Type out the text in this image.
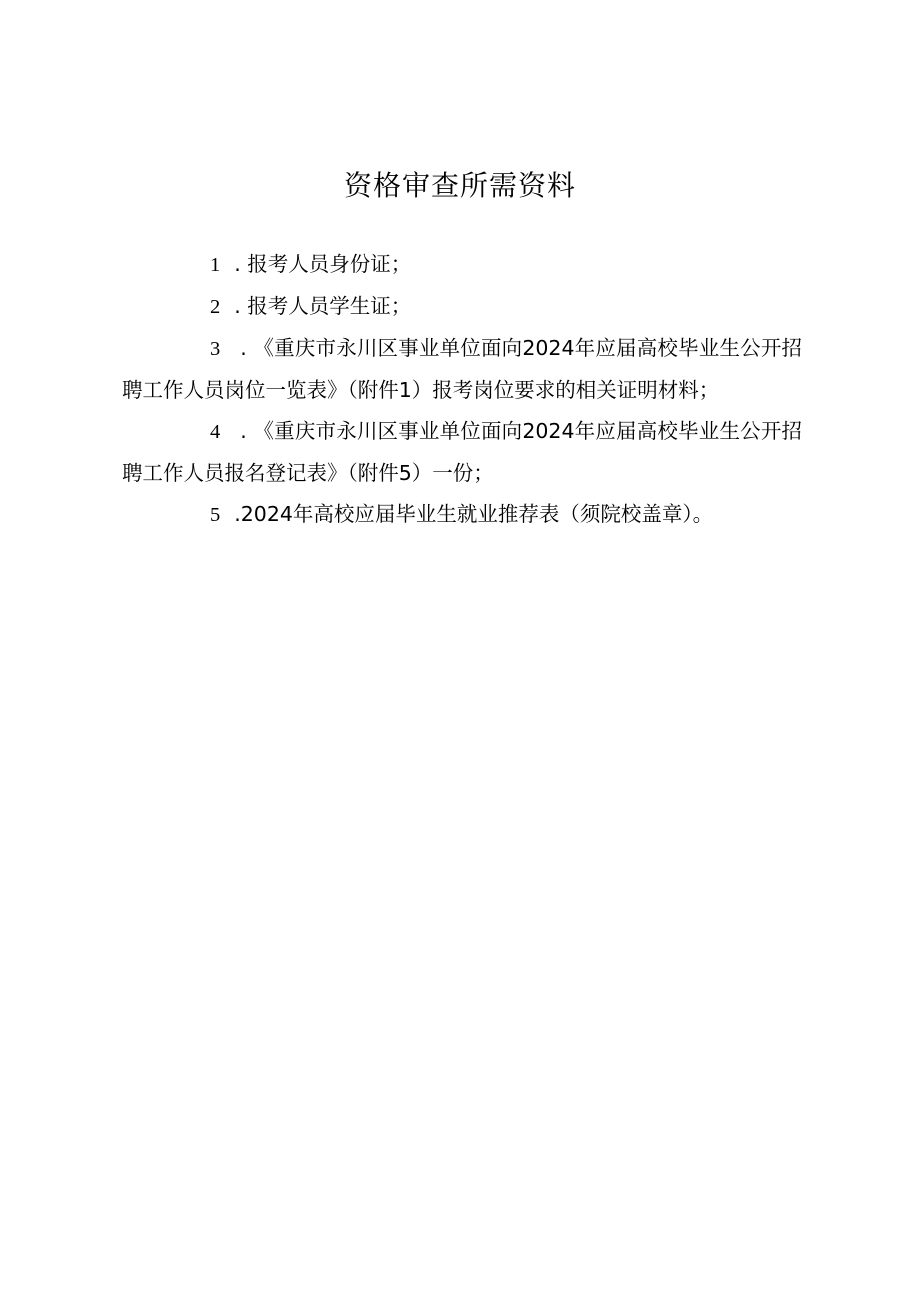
资格审查所需资料
1 . 报考人员身份证；
2 . 报考人员学生证；
3 . 《重庆市永川区事业单位面向2024年应届高校毕业生公开招聘工作人员岗位一览表》（附件1）报考岗位要求的相关证明材料；
4 . 《重庆市永川区事业单位面向2024年应届高校毕业生公开招聘工作人员报名登记表》（附件5）一份；
5 .2024年高校应届毕业生就业推荐表（须院校盖章）。
